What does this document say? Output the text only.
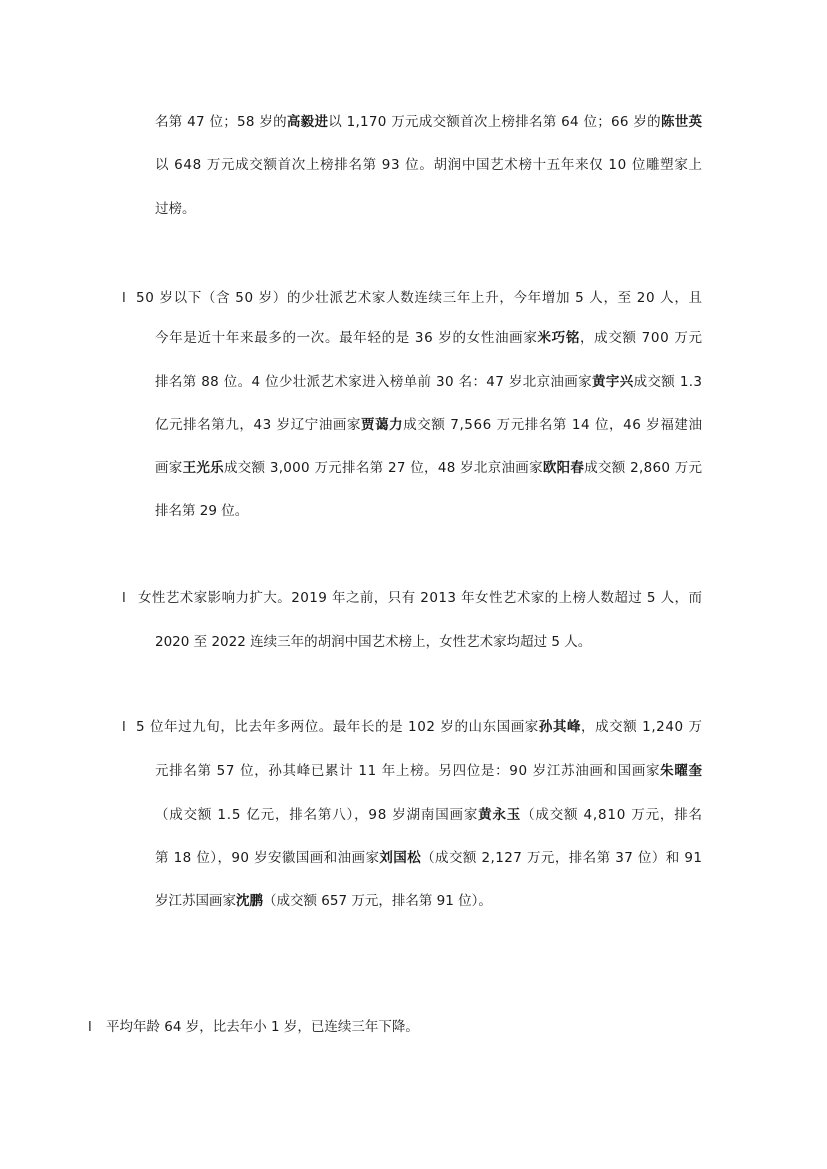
名第 47 位；58 岁的高毅进以 1,170 万元成交额首次上榜排名第 64 位；66 岁的陈世英
以 648 万元成交额首次上榜排名第 93 位。胡润中国艺术榜十五年来仅 10 位雕塑家上
过榜。
l 50 岁以下（含 50 岁）的少壮派艺术家人数连续三年上升，今年增加 5 人，至 20 人，且
今年是近十年来最多的一次。最年轻的是 36 岁的女性油画家米巧铭，成交额 700 万元
排名第 88 位。4 位少壮派艺术家进入榜单前 30 名：47 岁北京油画家黄宇兴成交额 1.3
亿元排名第九，43 岁辽宁油画家贾蔼力成交额 7,566 万元排名第 14 位，46 岁福建油
画家王光乐成交额 3,000 万元排名第 27 位，48 岁北京油画家欧阳春成交额 2,860 万元
排名第 29 位。
l 女性艺术家影响力扩大。2019 年之前，只有 2013 年女性艺术家的上榜人数超过 5 人，而
2020 至 2022 连续三年的胡润中国艺术榜上，女性艺术家均超过 5 人。
l 5 位年过九旬，比去年多两位。最年长的是 102 岁的山东国画家孙其峰，成交额 1,240 万
元排名第 57 位，孙其峰已累计 11 年上榜。另四位是：90 岁江苏油画和国画家朱曜奎
（成交额 1.5 亿元，排名第八），98 岁湖南国画家黄永玉（成交额 4,810 万元，排名
第 18 位），90 岁安徽国画和油画家刘国松（成交额 2,127 万元，排名第 37 位）和 91
岁江苏国画家沈鹏（成交额 657 万元，排名第 91 位）。
l 平均年龄 64 岁，比去年小 1 岁，已连续三年下降。
